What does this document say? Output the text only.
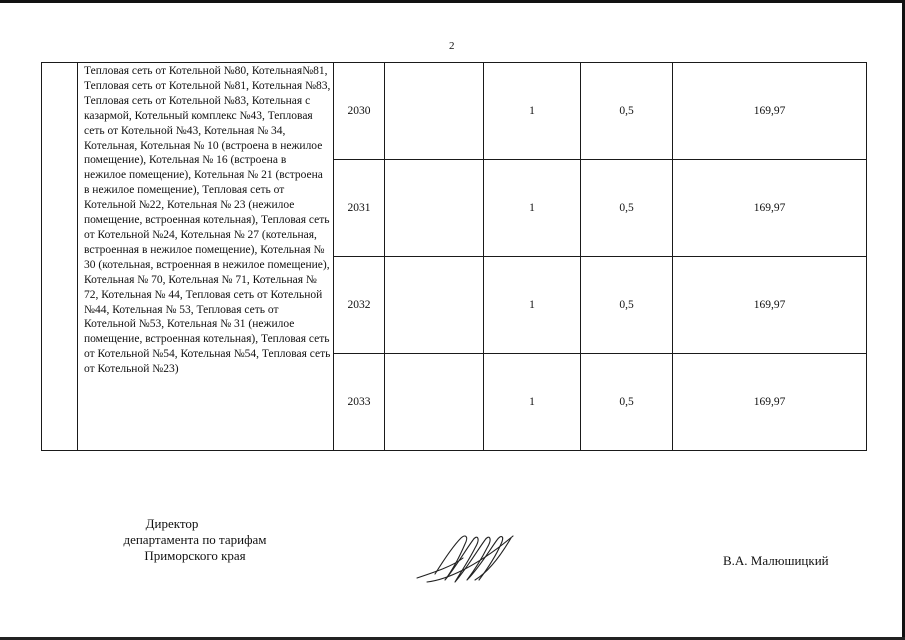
2
	Тепловая сеть от Котельной №80, Котельная№81, Тепловая сеть от Котельной №81, Котельная №83, Тепловая сеть от Котельной №83, Котельная с казармой, Котельный комплекс №43, Тепловая сеть от Котельной №43, Котельная № 34, Котельная, Котельная № 10 (встроена в нежилое помещение), Котельная № 16 (встроена в нежилое помещение), Котельная № 21 (встроена в нежилое помещение), Тепловая сеть от Котельной №22, Котельная № 23 (нежилое помещение, встроенная котельная), Тепловая сеть от Котельной №24, Котельная № 27 (котельная, встроенная в нежилое помещение), Котельная № 30 (котельная, встроенная в нежилое помещение), Котельная № 70, Котельная № 71, Котельная № 72, Котельная № 44, Тепловая сеть от Котельной №44, Котельная № 53, Тепловая сеть от Котельной №53, Котельная № 31 (нежилое помещение, встроенная котельная), Тепловая сеть от Котельной №54, Котельная №54, Тепловая сеть от Котельной №23)	2030		1	0,5	169,97
		2031		1	0,5	169,97
		2032		1	0,5	169,97
		2033		1	0,5	169,97
Директор
департамента по тарифам
Приморского края	В.А. Малюшицкий
